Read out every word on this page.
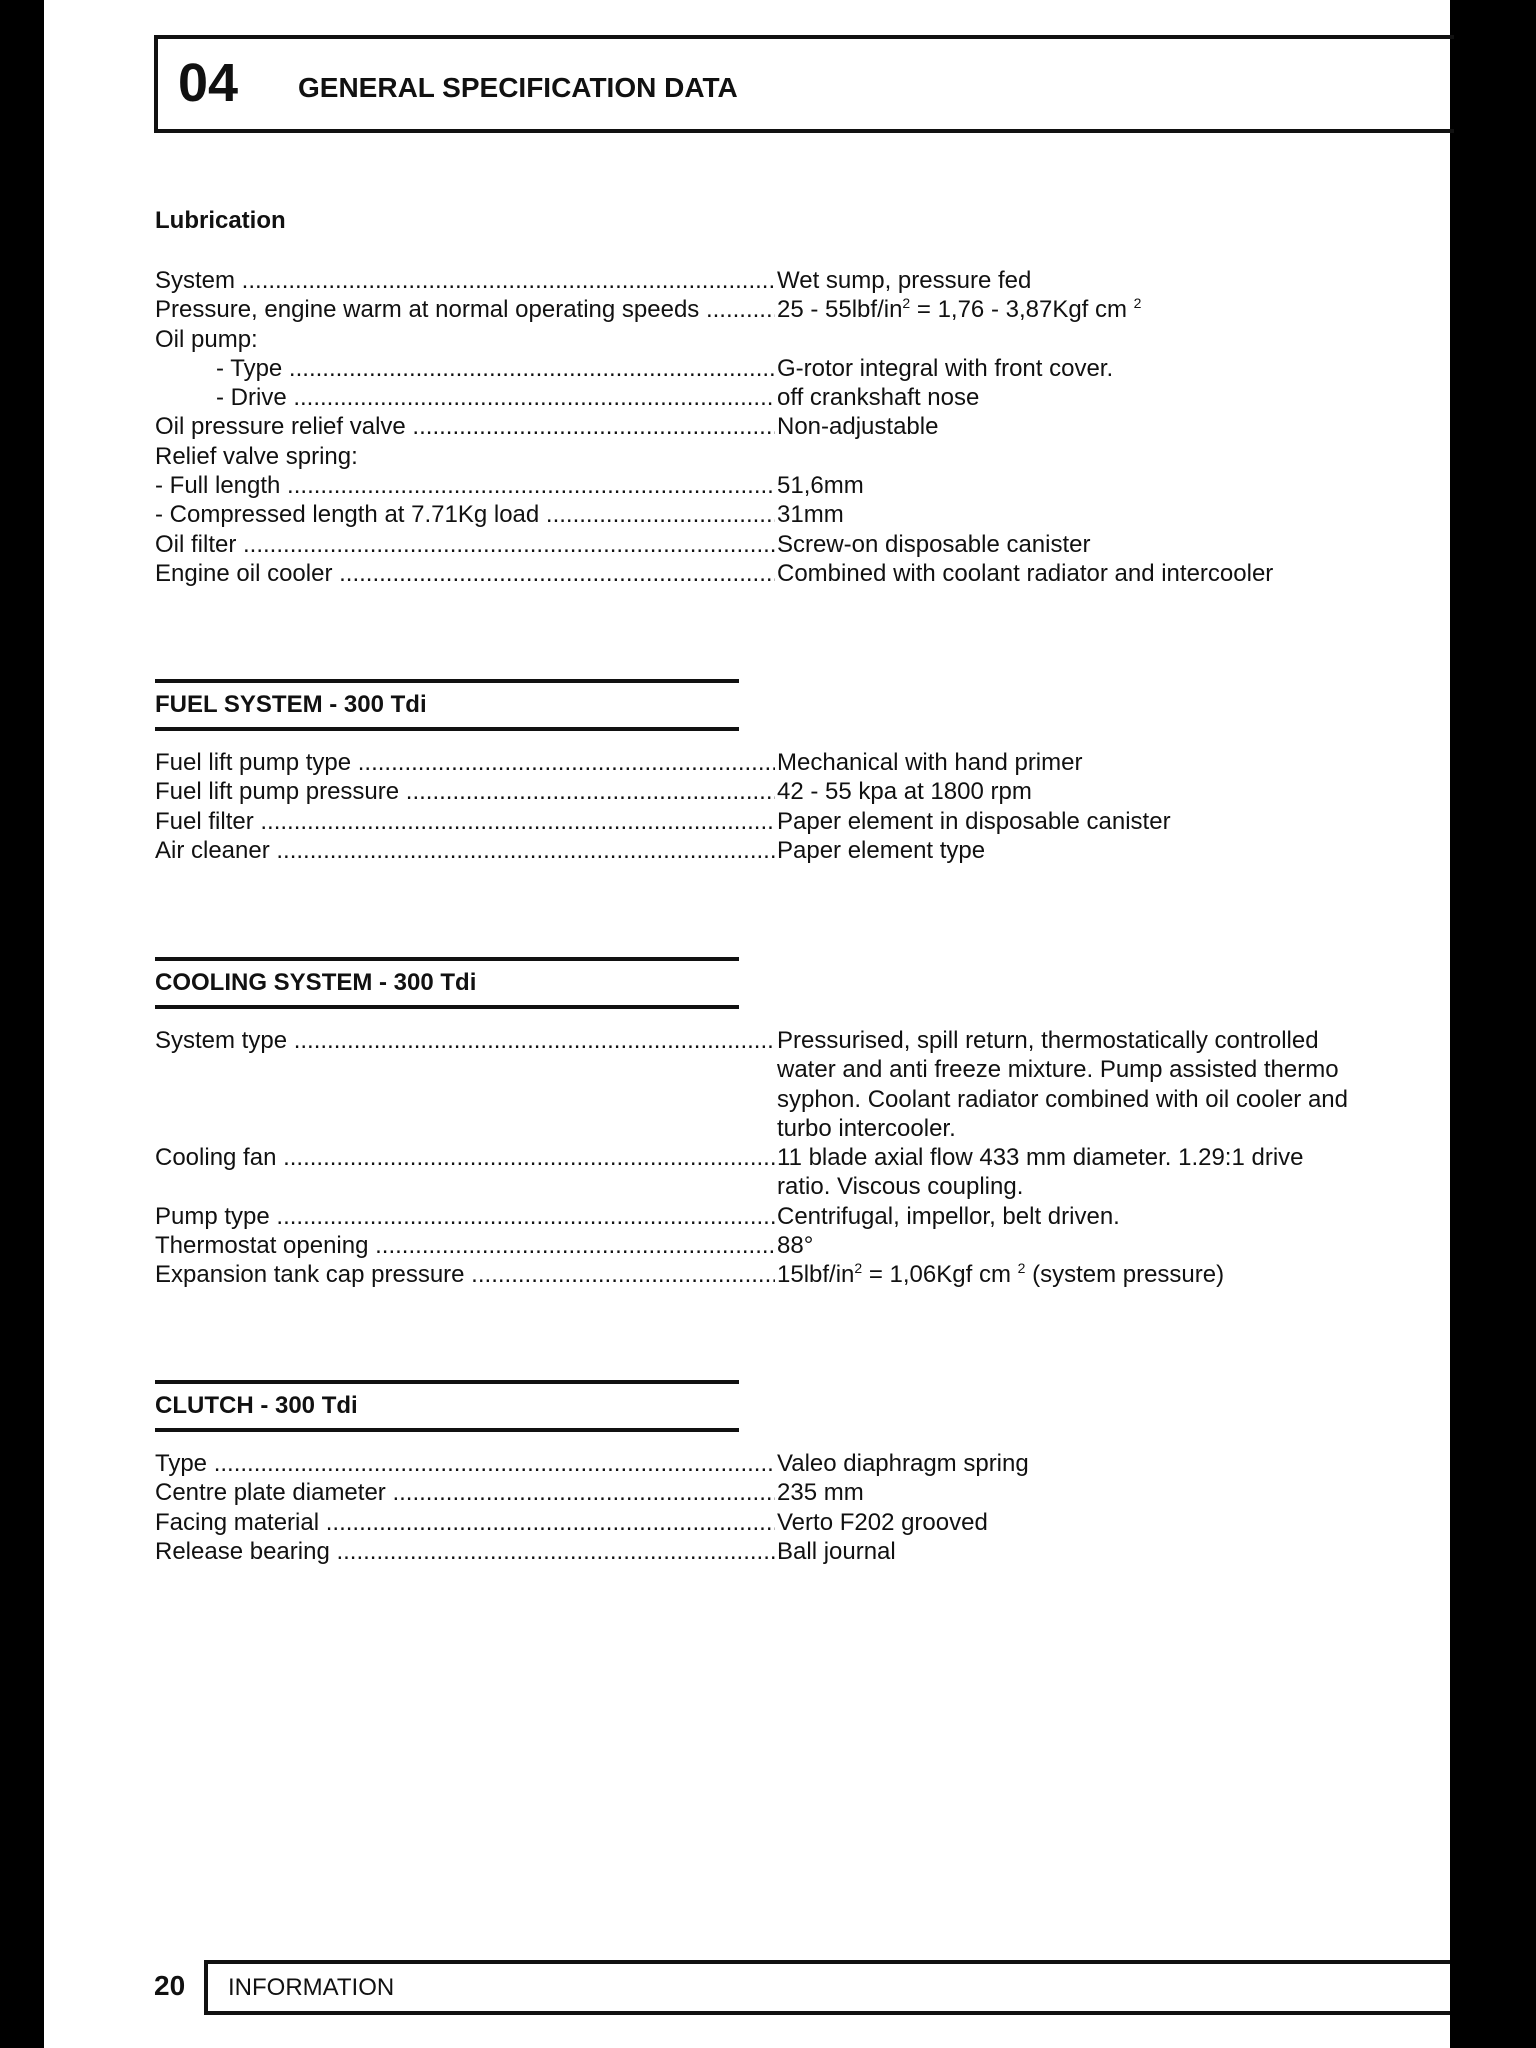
04 GENERAL SPECIFICATION DATA
Lubrication
System .....	Wet sump, pressure fed
Pressure, engine warm at normal operating speeds .....	$25 - 55lbf/in^2 = 1,76 - 3,87Kgf$ cm $^2$
Oil pump:
- Type .....	G-rotor integral with front cover.
- Drive .....	off crankshaft nose
Oil pressure relief valve .....	Non-adjustable
Relief valve spring:
- Full length .....	51,6mm
- Compressed length at 7.71Kg load .....	31mm
Oil filter .....	Screw-on disposable canister
Engine oil cooler .....	Combined with coolant radiator and intercooler
FUEL SYSTEM - 300 Tdi
Fuel lift pump type .....	Mechanical with hand primer
Fuel lift pump pressure .....	42 - 55 kpa at 1800 rpm
Fuel filter .....	Paper element in disposable canister
Air cleaner .....	Paper element type
COOLING SYSTEM - 300 Tdi
System type .....	Pressurised, spill return, thermostatically controlled water and anti freeze mixture. Pump assisted thermo syphon. Coolant radiator combined with oil cooler and turbo intercooler.
Cooling fan .....	11 blade axial flow 433 mm diameter. 1.29:1 drive ratio. Viscous coupling.
Pump type .....	Centrifugal, impellor, belt driven.
Thermostat opening .....	88°
Expansion tank cap pressure .....	$15lbf/in^2 = 1,06Kgf$ cm $^2$ (system pressure)
CLUTCH - 300 Tdi
Type .....	Valeo diaphragm spring
Centre plate diameter .....	235 mm
Facing material .....	Verto F202 grooved
Release bearing .....	Ball journal
20 INFORMATION
